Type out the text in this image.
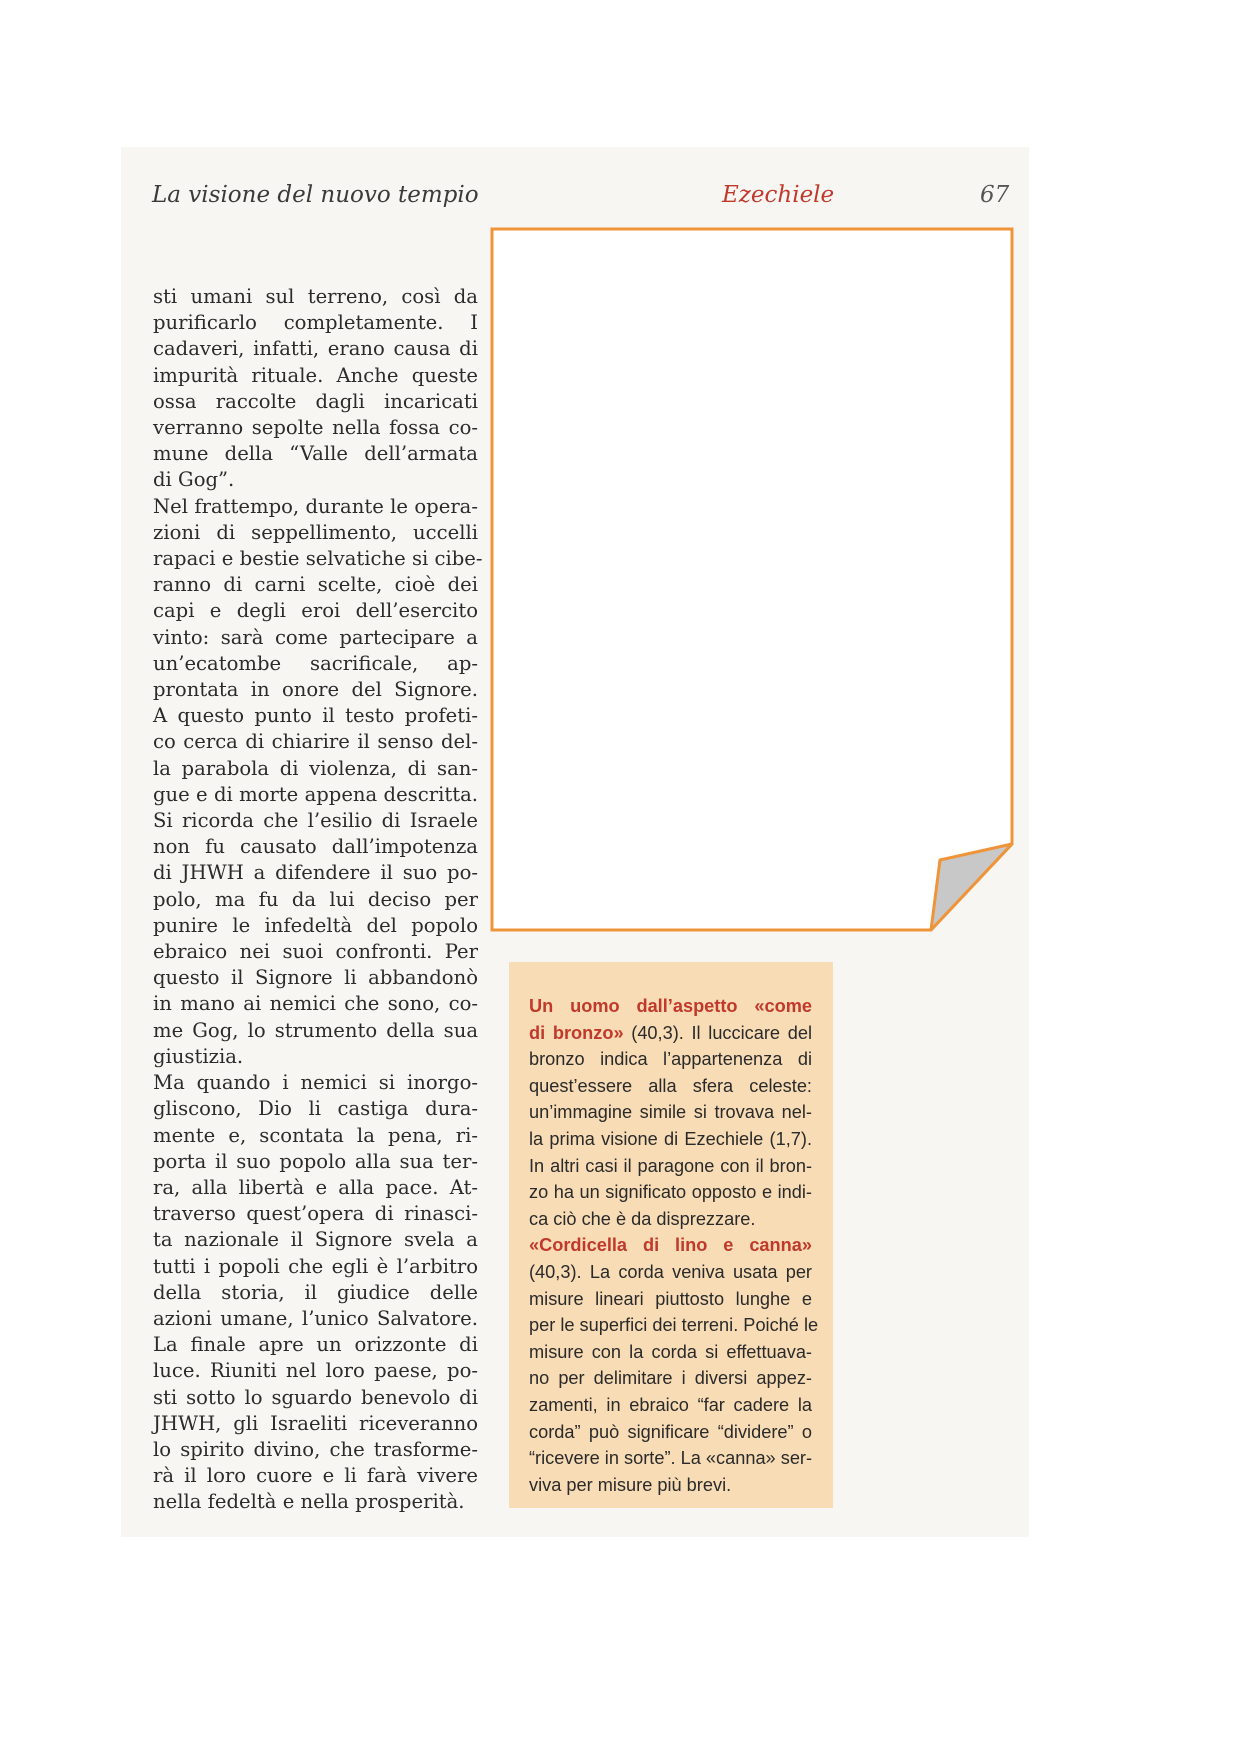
La visione del nuovo tempio	Ezechiele	67
sti umani sul terreno, così da
purificarlo completamente. I
cadaveri, infatti, erano causa di
impurità rituale. Anche queste
ossa raccolte dagli incaricati
verranno sepolte nella fossa co-
mune della “Valle dell’armata
di Gog”.
Nel frattempo, durante le opera-
zioni di seppellimento, uccelli
rapaci e bestie selvatiche si cibe-
ranno di carni scelte, cioè dei
capi e degli eroi dell’esercito
vinto: sarà come partecipare a
un’ecatombe sacrificale, ap-
prontata in onore del Signore.
A questo punto il testo profeti-
co cerca di chiarire il senso del-
la parabola di violenza, di san-
gue e di morte appena descritta.
Si ricorda che l’esilio di Israele
non fu causato dall’impotenza
di JHWH a difendere il suo po-
polo, ma fu da lui deciso per
punire le infedeltà del popolo
ebraico nei suoi confronti. Per
questo il Signore li abbandonò
in mano ai nemici che sono, co-
me Gog, lo strumento della sua
giustizia.
Ma quando i nemici si inorgo-
gliscono, Dio li castiga dura-
mente e, scontata la pena, ri-
porta il suo popolo alla sua ter-
ra, alla libertà e alla pace. At-
traverso quest’opera di rinasci-
ta nazionale il Signore svela a
tutti i popoli che egli è l’arbitro
della storia, il giudice delle
azioni umane, l’unico Salvatore.
La finale apre un orizzonte di
luce. Riuniti nel loro paese, po-
sti sotto lo sguardo benevolo di
JHWH, gli Israeliti riceveranno
lo spirito divino, che trasforme-
rà il loro cuore e li farà vivere
nella fedeltà e nella prosperità.
Un uomo dall’aspetto «come
di bronzo» (40,3). Il luccicare del
bronzo indica l’appartenenza di
quest’essere alla sfera celeste:
un’immagine simile si trovava nel-
la prima visione di Ezechiele (1,7).
In altri casi il paragone con il bron-
zo ha un significato opposto e indi-
ca ciò che è da disprezzare.
«Cordicella di lino e canna»
(40,3). La corda veniva usata per
misure lineari piuttosto lunghe e
per le superfici dei terreni. Poiché le
misure con la corda si effettuava-
no per delimitare i diversi appez-
zamenti, in ebraico “far cadere la
corda” può significare “dividere” o
“ricevere in sorte”. La «canna» ser-
viva per misure più brevi.
